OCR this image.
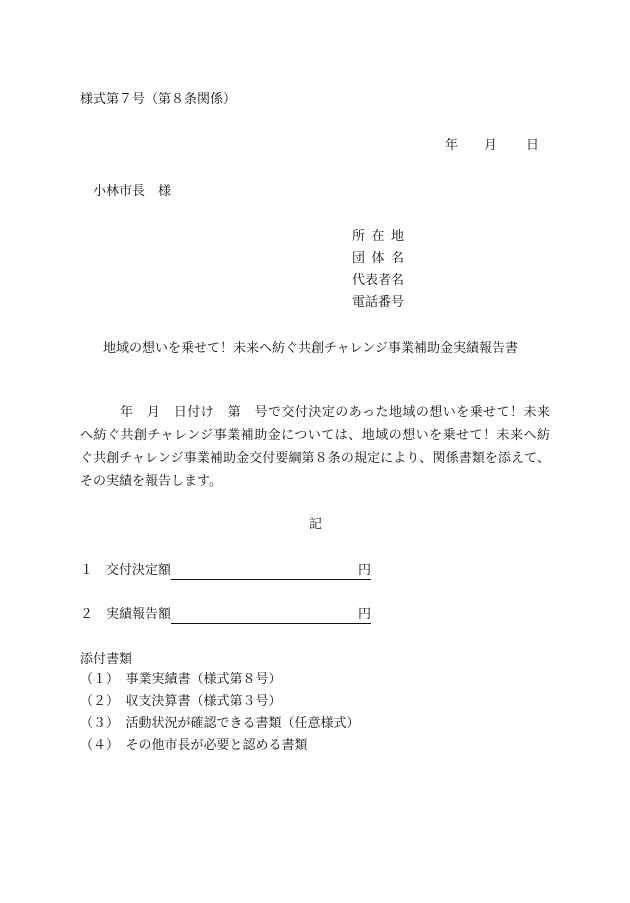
様式第７号（第８条関係）
年 月 日
小林市長　様
所 在 地
団 体 名
代表者名
電話番号
地域の想いを乗せて！未来へ紡ぐ共創チャレンジ事業補助金実績報告書
年　月　日付け　第　号で交付決定のあった地域の想いを乗せて！未来
へ紡ぐ共創チャレンジ事業補助金については、地域の想いを乗せて！未来へ紡
ぐ共創チャレンジ事業補助金交付要綱第８条の規定により、関係書類を添えて、
その実績を報告します。
記
１ 交付決定額	円
２ 実績報告額	円
添付書類
（１）　事業実績書（様式第８号）
（２）　収支決算書（様式第３号）
（３）　活動状況が確認できる書類（任意様式）
（４）　その他市長が必要と認める書類
